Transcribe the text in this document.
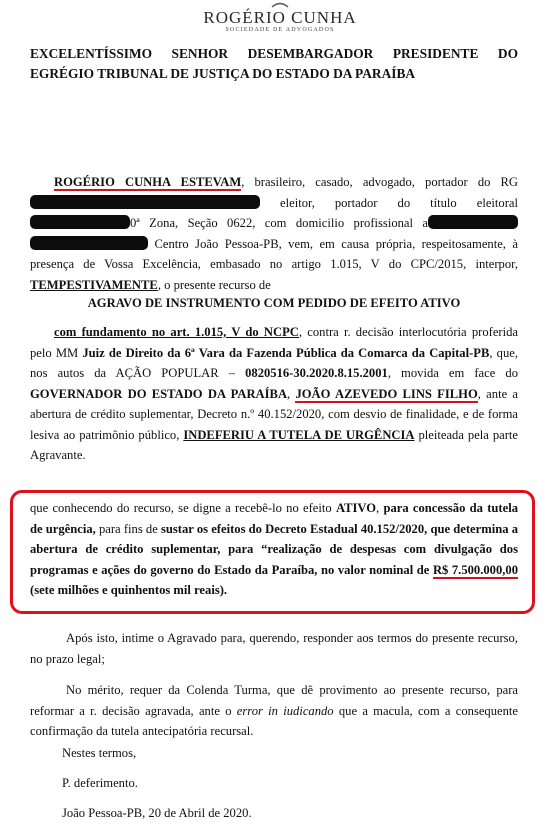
ROGÉRIO CUNHA
SOCIEDADE DE ADVOGADOS
EXCELENTÍSSIMO SENHOR DESEMBARGADOR PRESIDENTE DO
EGRÉGIO TRIBUNAL DE JUSTIÇA DO ESTADO DA PARAÍBA
ROGÉRIO CUNHA ESTEVAM, brasileiro, casado, advogado, portador do RG eleitor, portador do título eleitoral 0ª Zona, Seção 0622, com domicilio profissional a  Centro João Pessoa-PB, vem, em causa própria, respeitosamente, à presença de Vossa Excelência, embasado no artigo 1.015, V do CPC/2015, interpor, TEMPESTIVAMENTE, o presente recurso de
AGRAVO DE INSTRUMENTO COM PEDIDO DE EFEITO ATIVO
com fundamento no art. 1.015, V do NCPC, contra r. decisão interlocutória proferida pelo MM Juiz de Direito da 6ª Vara da Fazenda Pública da Comarca da Capital-PB, que, nos autos da AÇÃO POPULAR – 0820516-30.2020.8.15.2001, movida em face do GOVERNADOR DO ESTADO DA PARAÍBA, JOÃO AZEVEDO LINS FILHO, ante a abertura de crédito suplementar, Decreto n.º 40.152/2020, com desvio de finalidade, e de forma lesiva ao patrimônio público, INDEFERIU A TUTELA DE URGÊNCIA pleiteada pela parte Agravante.
que conhecendo do recurso, se digne a recebê-lo no efeito ATIVO, para concessão da tutela de urgência, para fins de sustar os efeitos do Decreto Estadual 40.152/2020, que determina a abertura de crédito suplementar, para “realização de despesas com divulgação dos programas e ações do governo do Estado da Paraíba, no valor nominal de R$ 7.500.000,00 (sete milhões e quinhentos mil reais).
Após isto, intime o Agravado para, querendo, responder aos termos do presente recurso, no prazo legal;
No mérito, requer da Colenda Turma, que dê provimento ao presente recurso, para reformar a r. decisão agravada, ante o error in iudicando que a macula, com a consequente confirmação da tutela antecipatória recursal.
Nestes termos,
P. deferimento.
João Pessoa-PB, 20 de Abril de 2020.
